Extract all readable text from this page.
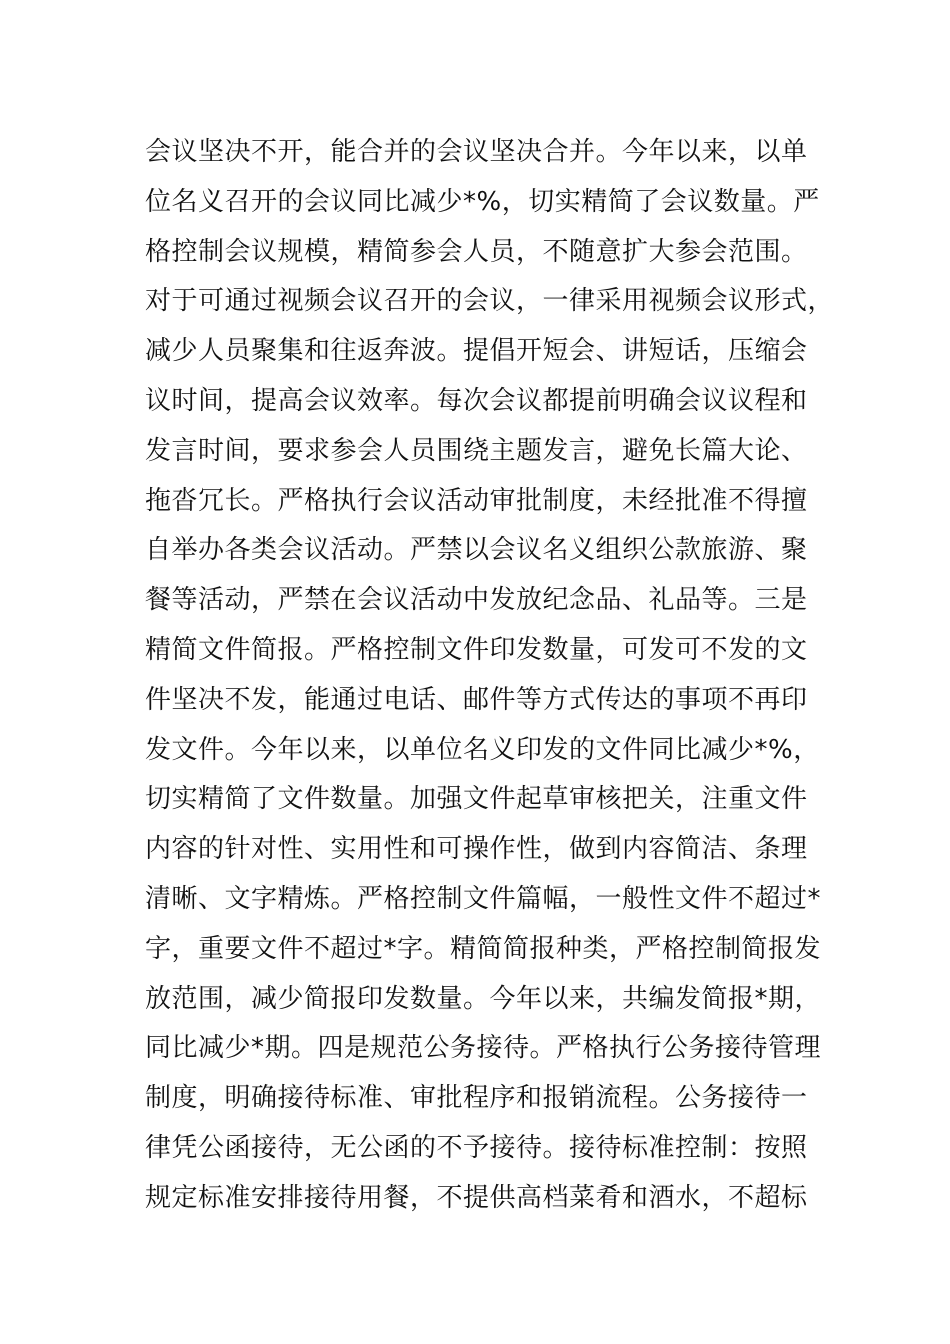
会议坚决不开，能合并的会议坚决合并。今年以来，以单
位名义召开的会议同比减少*%，切实精简了会议数量。严
格控制会议规模，精简参会人员，不随意扩大参会范围。
对于可通过视频会议召开的会议，一律采用视频会议形式，
减少人员聚集和往返奔波。提倡开短会、讲短话，压缩会
议时间，提高会议效率。每次会议都提前明确会议议程和
发言时间，要求参会人员围绕主题发言，避免长篇大论、
拖沓冗长。严格执行会议活动审批制度，未经批准不得擅
自举办各类会议活动。严禁以会议名义组织公款旅游、聚
餐等活动，严禁在会议活动中发放纪念品、礼品等。三是
精简文件简报。严格控制文件印发数量，可发可不发的文
件坚决不发，能通过电话、邮件等方式传达的事项不再印
发文件。今年以来，以单位名义印发的文件同比减少*%，
切实精简了文件数量。加强文件起草审核把关，注重文件
内容的针对性、实用性和可操作性，做到内容简洁、条理
清晰、文字精炼。严格控制文件篇幅，一般性文件不超过*
字，重要文件不超过*字。精简简报种类，严格控制简报发
放范围，减少简报印发数量。今年以来，共编发简报*期，
同比减少*期。四是规范公务接待。严格执行公务接待管理
制度，明确接待标准、审批程序和报销流程。公务接待一
律凭公函接待，无公函的不予接待。接待标准控制：按照
规定标准安排接待用餐，不提供高档菜肴和酒水，不超标
